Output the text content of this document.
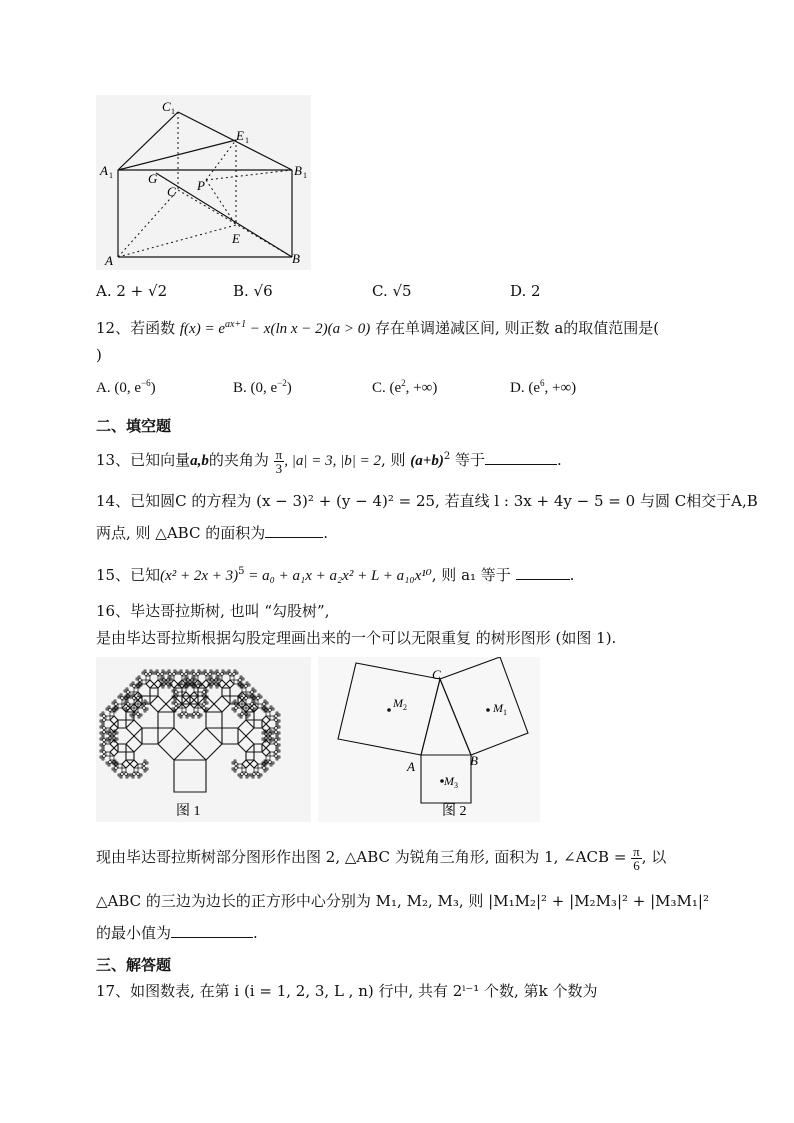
C 1
E 1
A 1	B 1
G
C P
E
A	B
A. 2 + √2	B. √6	C. √5	D. 2
12、若函数 $f(x) = e^{ax+1} - x(\ln$ x − 2)(a > 0) 存在单调递减区间, 则正数 a的取值范围是(
)
A. (0, $e^{-6}$)	B. (0, $e^{-2}$)	C. ($e^2$, +∞)	D. ($e^6$, +∞)
二、填空题
13、已知向量a,b的夹角为 $\frac{\pi}{3}$ , |a| = 3, |b| = 2, 则 $(a+b)^2$ 等于	.
14、已知圆C 的方程为 (x − 3)² + (y − 4)² = 25, 若直线 l : 3x + 4y − 5 = 0 与圆 C相交于A,B
两点, 则 △ABC 的面积为	.
15、已知$(x^2 + 2x + 3)^5 = a_0 + a_1x + a_2x^2 + L + a_{10}x^{10}$, 则 a₁ 等于	.
16、毕达哥拉斯树, 也叫 “勾股树”,
是由毕达哥拉斯根据勾股定理画出来的一个可以无限重复 的树形图形 (如图 1).
图 1
C
A	B
M 1
M 2
M 3
图 2
现由毕达哥拉斯树部分图形作出图 2, △ABC 为锐角三角形, 面积为 1, ∠ACB = $\frac{\pi}{6}$ , 以
△ABC 的三边为边长的正方形中心分别为 M₁, M₂, M₃, 则 |M₁M₂|² + |M₂M₃|² + |M₃M₁|²
的最小值为	.
三、解答题
17、如图数表, 在第 i (i = 1, 2, 3, L , n) 行中, 共有 2ⁱ⁻¹ 个数, 第k 个数为
